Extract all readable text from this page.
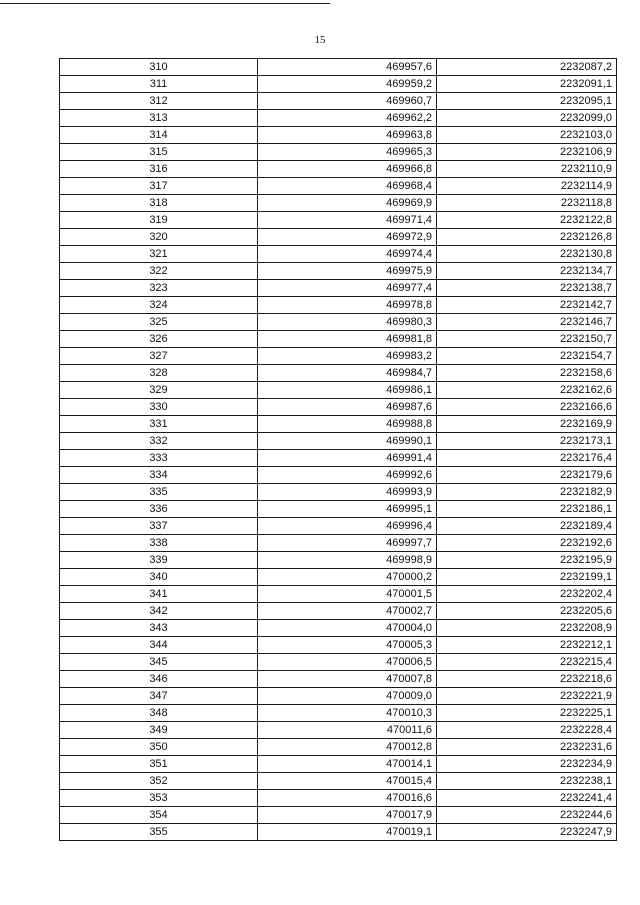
15
310	469957,6	2232087,2
311	469959,2	2232091,1
312	469960,7	2232095,1
313	469962,2	2232099,0
314	469963,8	2232103,0
315	469965,3	2232106,9
316	469966,8	2232110,9
317	469968,4	2232114,9
318	469969,9	2232118,8
319	469971,4	2232122,8
320	469972,9	2232126,8
321	469974,4	2232130,8
322	469975,9	2232134,7
323	469977,4	2232138,7
324	469978,8	2232142,7
325	469980,3	2232146,7
326	469981,8	2232150,7
327	469983,2	2232154,7
328	469984,7	2232158,6
329	469986,1	2232162,6
330	469987,6	2232166,6
331	469988,8	2232169,9
332	469990,1	2232173,1
333	469991,4	2232176,4
334	469992,6	2232179,6
335	469993,9	2232182,9
336	469995,1	2232186,1
337	469996,4	2232189,4
338	469997,7	2232192,6
339	469998,9	2232195,9
340	470000,2	2232199,1
341	470001,5	2232202,4
342	470002,7	2232205,6
343	470004,0	2232208,9
344	470005,3	2232212,1
345	470006,5	2232215,4
346	470007,8	2232218,6
347	470009,0	2232221,9
348	470010,3	2232225,1
349	470011,6	2232228,4
350	470012,8	2232231,6
351	470014,1	2232234,9
352	470015,4	2232238,1
353	470016,6	2232241,4
354	470017,9	2232244,6
355	470019,1	2232247,9
